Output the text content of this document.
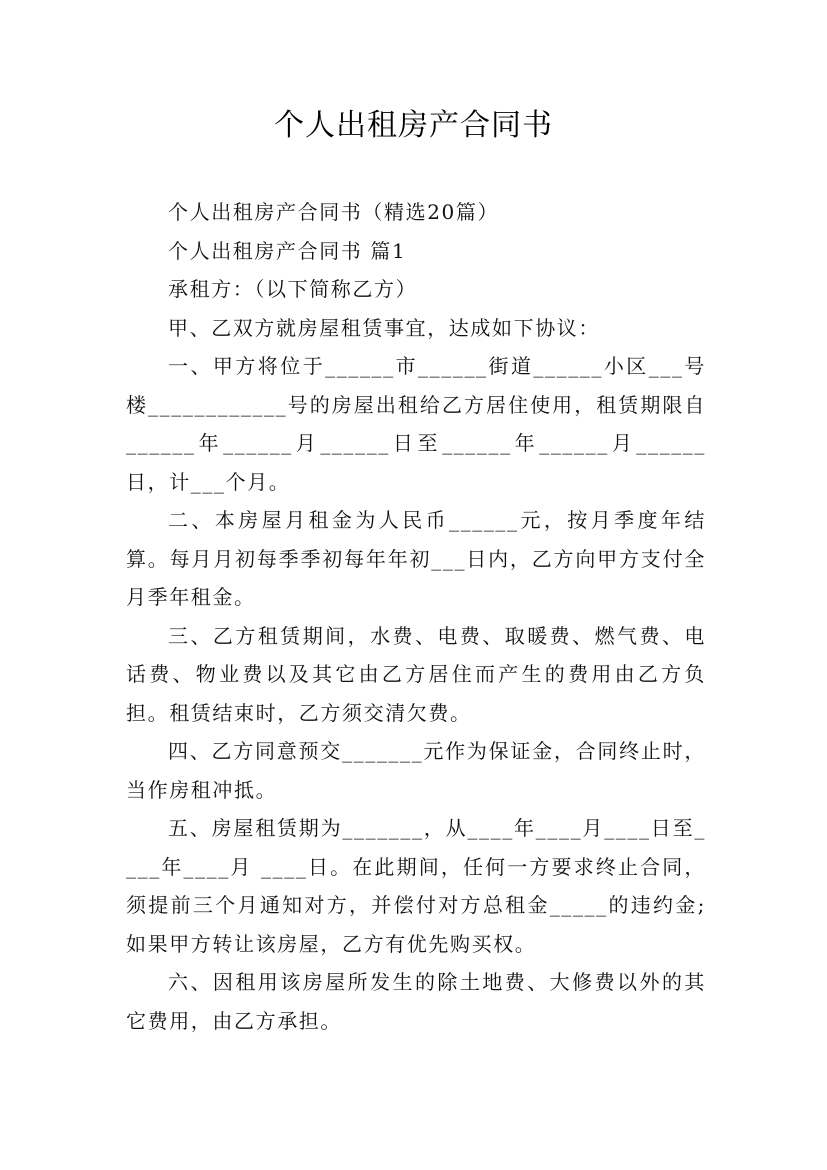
个人出租房产合同书

个人出租房产合同书（精选20篇）

个人出租房产合同书 篇1

承租方：（以下简称乙方）

甲、乙双方就房屋租赁事宜，达成如下协议：

一、甲方将位于______市______街道______小区___号楼____________号的房屋出租给乙方居住使用，租赁期限自______年______月______日至______年______月______日，计___个月。

二、本房屋月租金为人民币______元，按月季度年结算。每月月初每季季初每年年初___日内，乙方向甲方支付全月季年租金。

三、乙方租赁期间，水费、电费、取暖费、燃气费、电话费、物业费以及其它由乙方居住而产生的费用由乙方负担。租赁结束时，乙方须交清欠费。

四、乙方同意预交_______元作为保证金，合同终止时，当作房租冲抵。

五、房屋租赁期为_______，从____年____月____日至____年____月 ____日。在此期间，任何一方要求终止合同，须提前三个月通知对方，并偿付对方总租金_____的违约金;如果甲方转让该房屋，乙方有优先购买权。

六、因租用该房屋所发生的除土地费、大修费以外的其它费用，由乙方承担。
